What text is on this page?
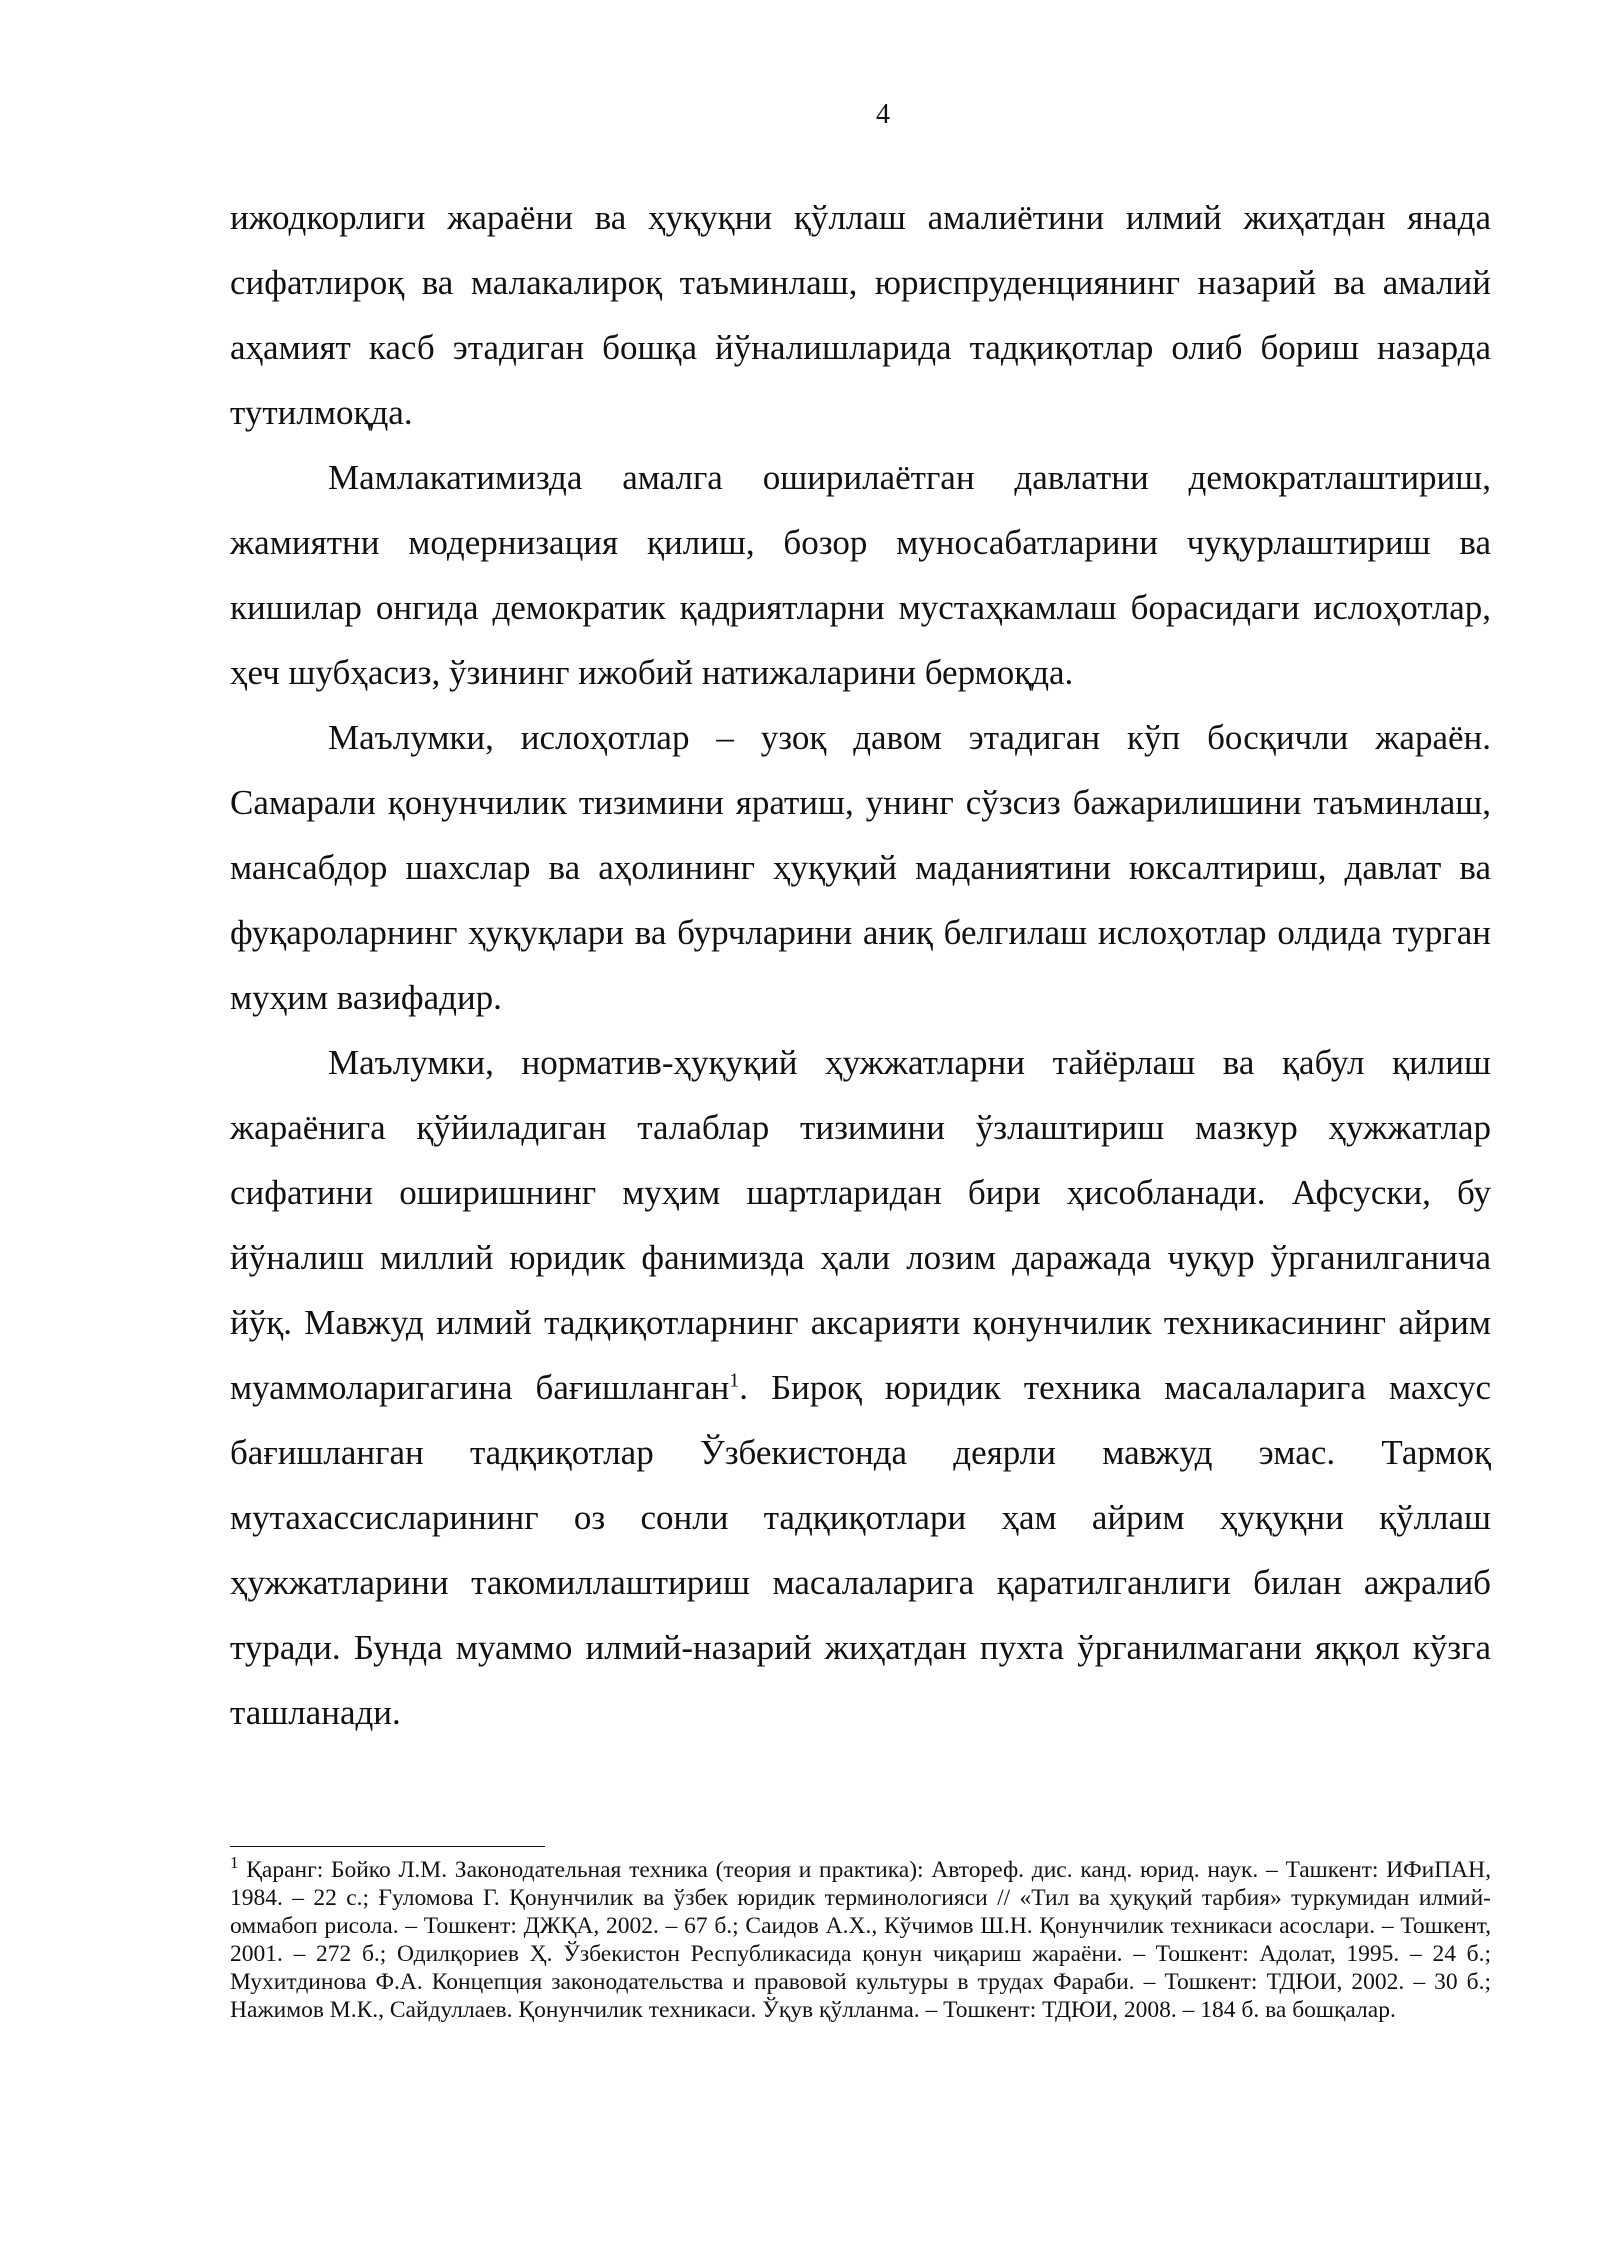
4

ижодкорлиги жараёни ва ҳуқуқни қўллаш амалиётини илмий жиҳатдан янада сифатлироқ ва малакалироқ таъминлаш, юриспруденциянинг назарий ва амалий аҳамият касб этадиган бошқа йўналишларида тадқиқотлар олиб бориш назарда тутилмоқда.

Мамлакатимизда амалга оширилаётган давлатни демократлаштириш, жамиятни модернизация қилиш, бозор муносабатларини чуқурлаштириш ва кишилар онгида демократик қадриятларни мустаҳкамлаш борасидаги ислоҳотлар, ҳеч шубҳасиз, ўзининг ижобий натижаларини бермоқда.

Маълумки, ислоҳотлар – узоқ давом этадиган кўп босқичли жараён. Самарали қонунчилик тизимини яратиш, унинг сўзсиз бажарилишини таъминлаш, мансабдор шахслар ва аҳолининг ҳуқуқий маданиятини юксалтириш, давлат ва фуқароларнинг ҳуқуқлари ва бурчларини аниқ белгилаш ислоҳотлар олдида турган муҳим вазифадир.

Маълумки, норматив-ҳуқуқий ҳужжатларни тайёрлаш ва қабул қилиш жараёнига қўйиладиган талаблар тизимини ўзлаштириш мазкур ҳужжатлар сифатини оширишнинг муҳим шартларидан бири ҳисобланади. Афсуски, бу йўналиш миллий юридик фанимизда ҳали лозим даражада чуқур ўрганилганича йўқ. Мавжуд илмий тадқиқотларнинг аксарияти қонунчилик техникасининг айрим муаммоларигагина бағишланган$^1$. Бироқ юридик техника масалаларига махсус бағишланган тадқиқотлар Ўзбекистонда деярли мавжуд эмас. Тармоқ мутахассисларининг оз сонли тадқиқотлари ҳам айрим ҳуқуқни қўллаш ҳужжатларини такомиллаштириш масалаларига қаратилганлиги билан ажралиб туради. Бунда муаммо илмий-назарий жиҳатдан пухта ўрганилмагани яққол кўзга ташланади.

$^1$ Қаранг: Бойко Л.М. Законодательная техника (теория и практика): Автореф. дис. канд. юрид. наук. – Ташкент: ИФиПАН, 1984. – 22 с.; Ғуломова Г. Қонунчилик ва ўзбек юридик терминологияси // «Тил ва ҳуқуқий тарбия» туркумидан илмий-оммабоп рисола. – Тошкент: ДЖҚА, 2002. – 67 б.; Саидов А.Х., Кўчимов Ш.Н. Қонунчилик техникаси асослари. – Тошкент, 2001. – 272 б.; Одилқориев Ҳ. Ўзбекистон Республикасида қонун чиқариш жараёни. – Тошкент: Адолат, 1995. – 24 б.; Мухитдинова Ф.А. Концепция законодательства и правовой культуры в трудах Фараби. – Тошкент: ТДЮИ, 2002. – 30 б.; Нажимов М.К., Сайдуллаев. Қонунчилик техникаси. Ўқув қўлланма. – Тошкент: ТДЮИ, 2008. – 184 б. ва бошқалар.
